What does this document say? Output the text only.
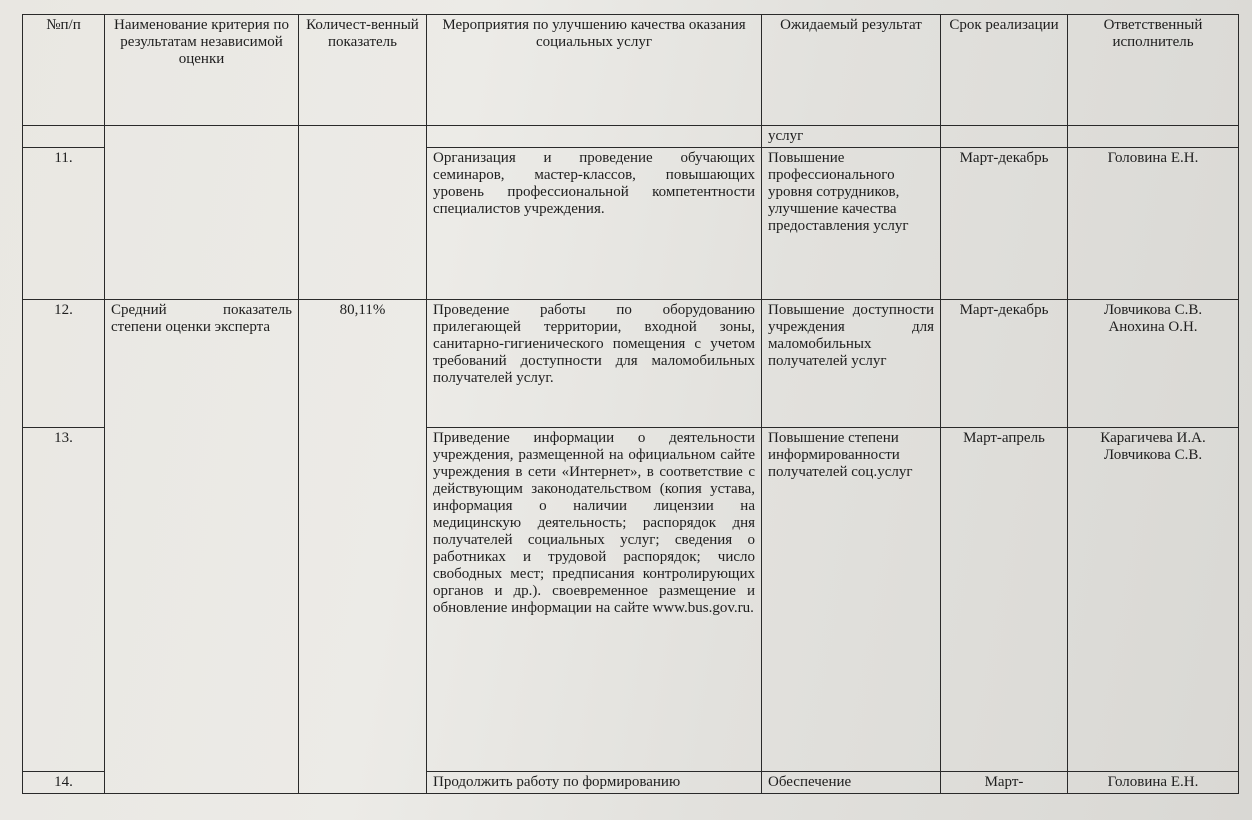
№п/п	Наименование критерия по результатам независимой оценки	Количест-венный показатель	Мероприятия по улучшению качества оказания социальных услуг	Ожидаемый результат	Срок реализации	Ответственный исполнитель
				услуг		
11.			Организация и проведение обучающих семинаров, мастер-классов, повышающих уровень профессиональной компетентности специалистов учреждения.	Повышение профессионального уровня сотрудников, улучшение качества предоставления услуг	Март-декабрь	Головина Е.Н.
12.	Средний показатель степени оценки эксперта	80,11%	Проведение работы по оборудованию прилегающей территории, входной зоны, санитарно-гигиенического помещения с учетом требований доступности для маломобильных получателей услуг.	Повышение доступности учреждения для маломобильных получателей услуг	Март-декабрь	Ловчикова С.В. Анохина О.Н.
13.			Приведение информации о деятельности учреждения, размещенной на официальном сайте учреждения в сети «Интернет», в соответствие с действующим законодательством (копия устава, информация о наличии лицензии на медицинскую деятельность; распорядок дня получателей социальных услуг; сведения о работниках и трудовой распорядок; число свободных мест; предписания контролирующих органов и др.). своевременное размещение и обновление информации на сайте www.bus.gov.ru.	Повышение степени информированности получателей соц.услуг	Март-апрель	Карагичева И.А. Ловчикова С.В.
14.			Продолжить работу по формированию	Обеспечение	Март-	Головина Е.Н.
